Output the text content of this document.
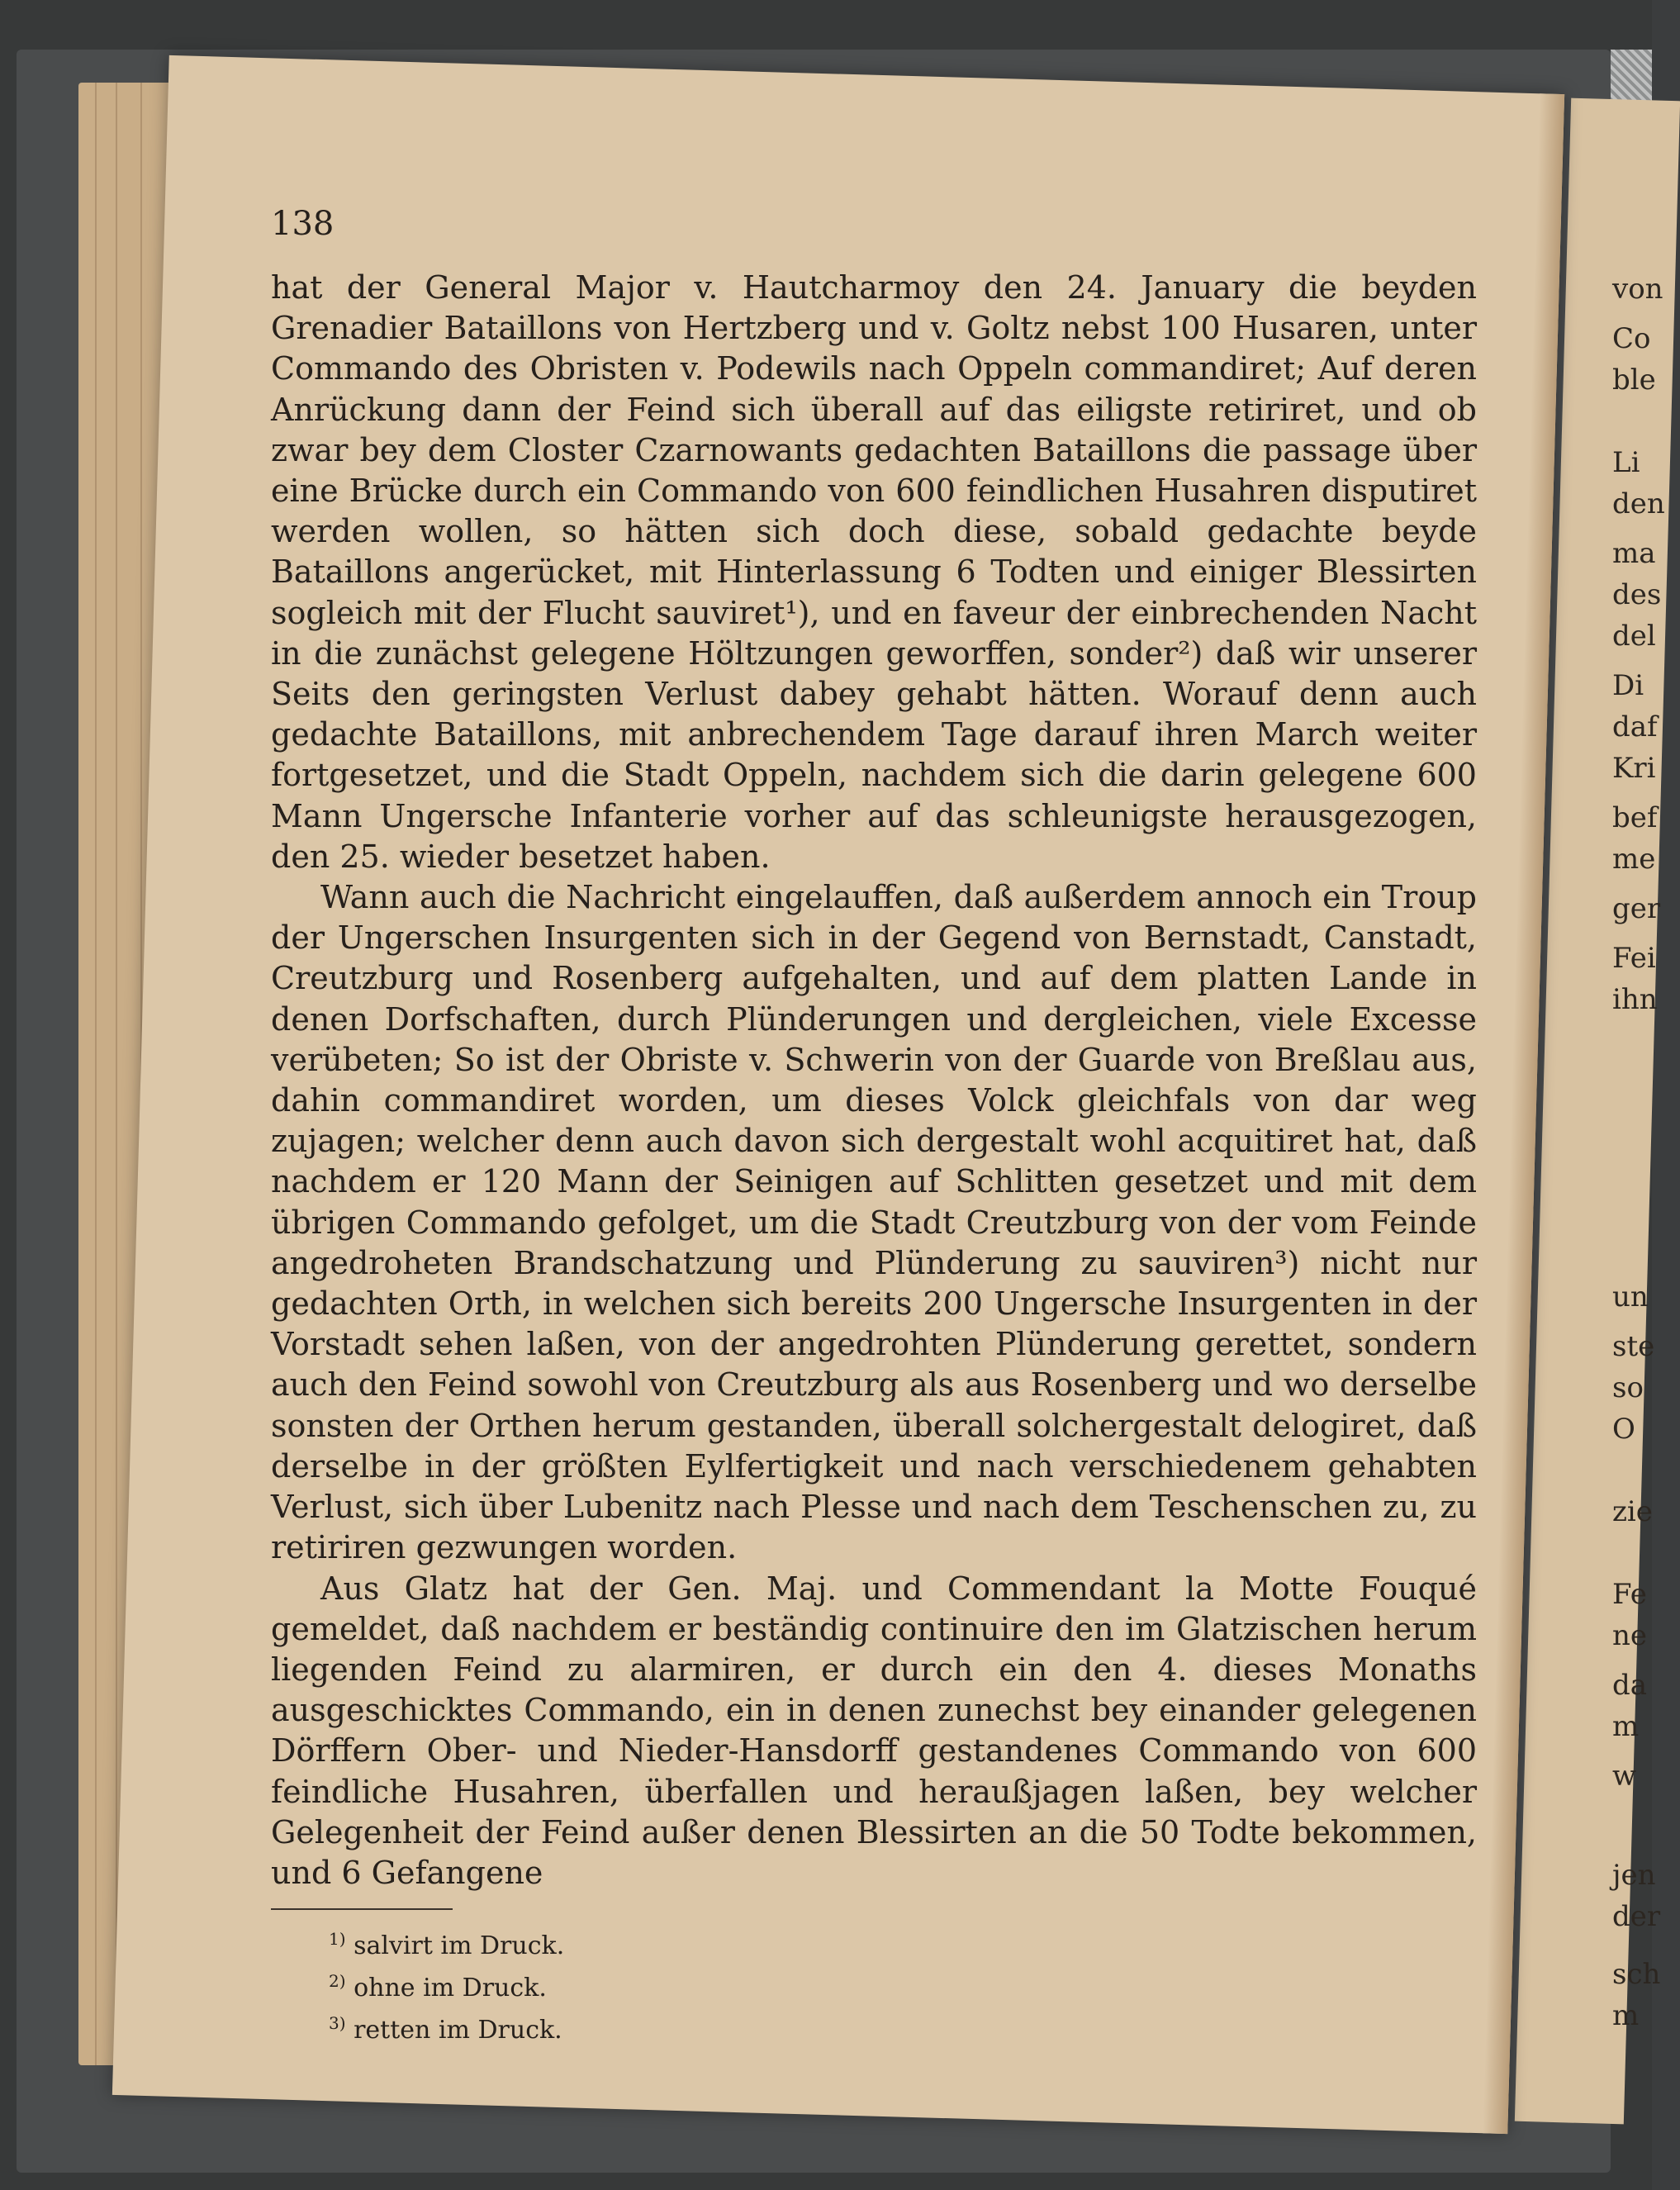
von
Co
ble
Li
den
ma
des
del
Di
daf
Kri
bef
me
ger
Fei
ihn
un
ste
so
O
zie
Fe
ne
da
m
w
jen
der
sch
m
138

hat der General Major v. Hautcharmoy den 24. January die beyden Grenadier Bataillons von Hertzberg und v. Goltz nebst 100 Husaren, unter Commando des Obristen v. Podewils nach Oppeln commandiret; Auf deren Anrückung dann der Feind sich überall auf das eiligste retiriret, und ob zwar bey dem Closter Czarnowants gedachten Bataillons die passage über eine Brücke durch ein Commando von 600 feindlichen Husahren disputiret werden wollen, so hätten sich doch diese, sobald gedachte beyde Bataillons angerücket, mit Hinterlassung 6 Todten und einiger Blessirten sogleich mit der Flucht sauviret¹), und en faveur der einbrechenden Nacht in die zunächst gelegene Höltzungen geworffen, sonder²) daß wir unserer Seits den geringsten Verlust dabey gehabt hätten. Worauf denn auch gedachte Bataillons, mit anbrechendem Tage darauf ihren March weiter fortgesetzet, und die Stadt Oppeln, nachdem sich die darin gelegene 600 Mann Ungersche Infanterie vorher auf das schleunigste herausgezogen, den 25. wieder besetzet haben.

Wann auch die Nachricht eingelauffen, daß außerdem annoch ein Troup der Ungerschen Insurgenten sich in der Gegend von Bernstadt, Canstadt, Creutzburg und Rosenberg aufgehalten, und auf dem platten Lande in denen Dorfschaften, durch Plünderungen und dergleichen, viele Excesse verübeten; So ist der Obriste v. Schwerin von der Guarde von Breßlau aus, dahin commandiret worden, um dieses Volck gleichfals von dar weg zujagen; welcher denn auch davon sich dergestalt wohl acquitiret hat, daß nachdem er 120 Mann der Seinigen auf Schlitten gesetzet und mit dem übrigen Commando gefolget, um die Stadt Creutzburg von der vom Feinde angedroheten Brandschatzung und Plünderung zu sauviren³) nicht nur gedachten Orth, in welchen sich bereits 200 Ungersche Insurgenten in der Vorstadt sehen laßen, von der angedrohten Plünderung gerettet, sondern auch den Feind sowohl von Creutzburg als aus Rosenberg und wo derselbe sonsten der Orthen herum gestanden, überall solchergestalt delogiret, daß derselbe in der größten Eylfertigkeit und nach verschiedenem gehabten Verlust, sich über Lubenitz nach Plesse und nach dem Teschenschen zu, zu retiriren gezwungen worden.

Aus Glatz hat der Gen. Maj. und Commendant la Motte Fouqué gemeldet, daß nachdem er beständig continuire den im Glatzischen herum liegenden Feind zu alarmiren, er durch ein den 4. dieses Monaths ausgeschicktes Commando, ein in denen zunechst bey einander gelegenen Dörffern Ober- und Nieder-Hansdorff gestandenes Commando von 600 feindliche Husahren, überfallen und heraußjagen laßen, bey welcher Gelegenheit der Feind außer denen Blessirten an die 50 Todte bekommen, und 6 Gefangene

$^{1)}$ salvirt im Druck.
$^{2)}$ ohne im Druck.
$^{3)}$ retten im Druck.
